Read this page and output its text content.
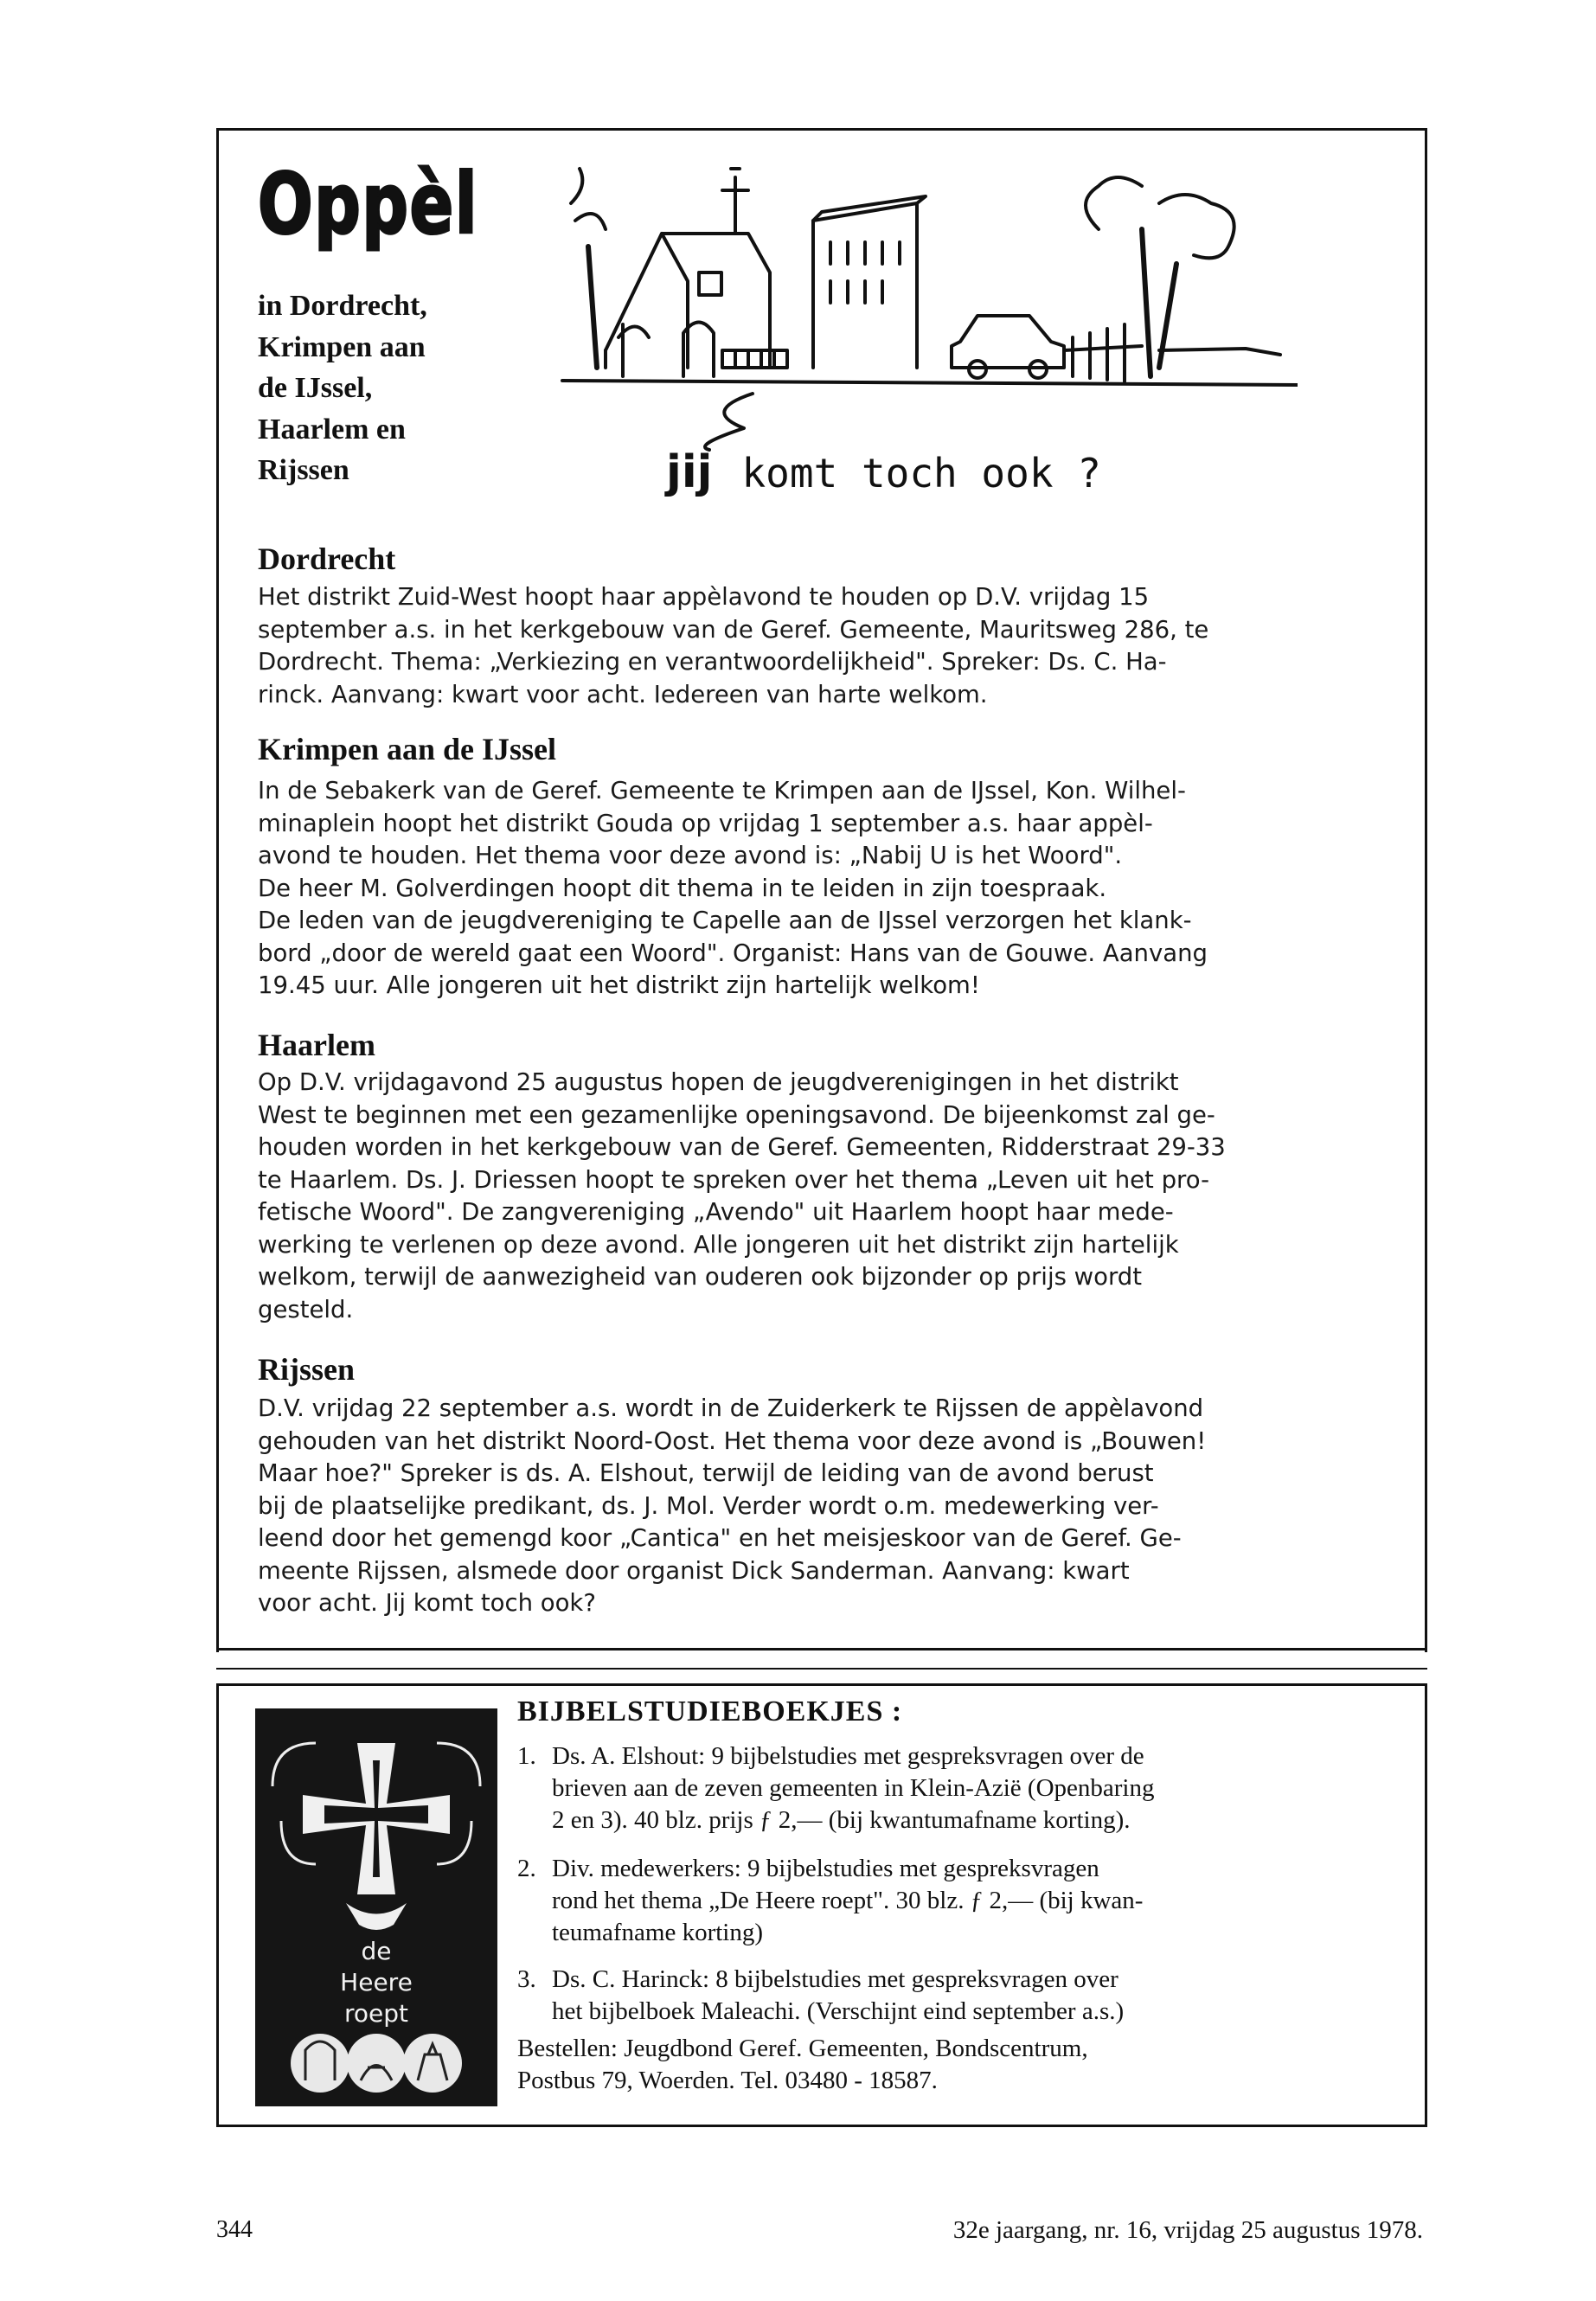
Oppèl
in Dordrecht,
Krimpen aan
de IJssel,
Haarlem en
Rijssen	jij komt toch ook ?
Dordrecht
Het distrikt Zuid-West hoopt haar appèlavond te houden op D.V. vrijdag 15
september a.s. in het kerkgebouw van de Geref. Gemeente, Mauritsweg 286, te
Dordrecht. Thema: „Verkiezing en verantwoordelijkheid". Spreker: Ds. C. Ha-
rinck. Aanvang: kwart voor acht. Iedereen van harte welkom.
Krimpen aan de IJssel
In de Sebakerk van de Geref. Gemeente te Krimpen aan de IJssel, Kon. Wilhel-
minaplein hoopt het distrikt Gouda op vrijdag 1 september a.s. haar appèl-
avond te houden. Het thema voor deze avond is: „Nabij U is het Woord".
De heer M. Golverdingen hoopt dit thema in te leiden in zijn toespraak.
De leden van de jeugdvereniging te Capelle aan de IJssel verzorgen het klank-
bord „door de wereld gaat een Woord". Organist: Hans van de Gouwe. Aanvang
19.45 uur. Alle jongeren uit het distrikt zijn hartelijk welkom!
Haarlem
Op D.V. vrijdagavond 25 augustus hopen de jeugdverenigingen in het distrikt
West te beginnen met een gezamenlijke openingsavond. De bijeenkomst zal ge-
houden worden in het kerkgebouw van de Geref. Gemeenten, Ridderstraat 29-33
te Haarlem. Ds. J. Driessen hoopt te spreken over het thema „Leven uit het pro-
fetische Woord". De zangvereniging „Avendo" uit Haarlem hoopt haar mede-
werking te verlenen op deze avond. Alle jongeren uit het distrikt zijn hartelijk
welkom, terwijl de aanwezigheid van ouderen ook bijzonder op prijs wordt
gesteld.
Rijssen
D.V. vrijdag 22 september a.s. wordt in de Zuiderkerk te Rijssen de appèlavond
gehouden van het distrikt Noord-Oost. Het thema voor deze avond is „Bouwen!
Maar hoe?" Spreker is ds. A. Elshout, terwijl de leiding van de avond berust
bij de plaatselijke predikant, ds. J. Mol. Verder wordt o.m. medewerking ver-
leend door het gemengd koor „Cantica" en het meisjeskoor van de Geref. Ge-
meente Rijssen, alsmede door organist Dick Sanderman. Aanvang: kwart
voor acht. Jij komt toch ook?
de
Heere
roept
BIJBELSTUDIEBOEKJES :
1. Ds. A. Elshout: 9 bijbelstudies met gespreksvragen over de
brieven aan de zeven gemeenten in Klein-Azië (Openbaring
2 en 3). 40 blz. prijs ƒ 2,— (bij kwantumafname korting).
2. Div. medewerkers: 9 bijbelstudies met gespreksvragen
rond het thema „De Heere roept". 30 blz. ƒ 2,— (bij kwan-
teumafname korting)
3. Ds. C. Harinck: 8 bijbelstudies met gespreksvragen over
het bijbelboek Maleachi. (Verschijnt eind september a.s.)
Bestellen: Jeugdbond Geref. Gemeenten, Bondscentrum,
Postbus 79, Woerden. Tel. 03480 - 18587.
344	32e jaargang, nr. 16, vrijdag 25 augustus 1978.
